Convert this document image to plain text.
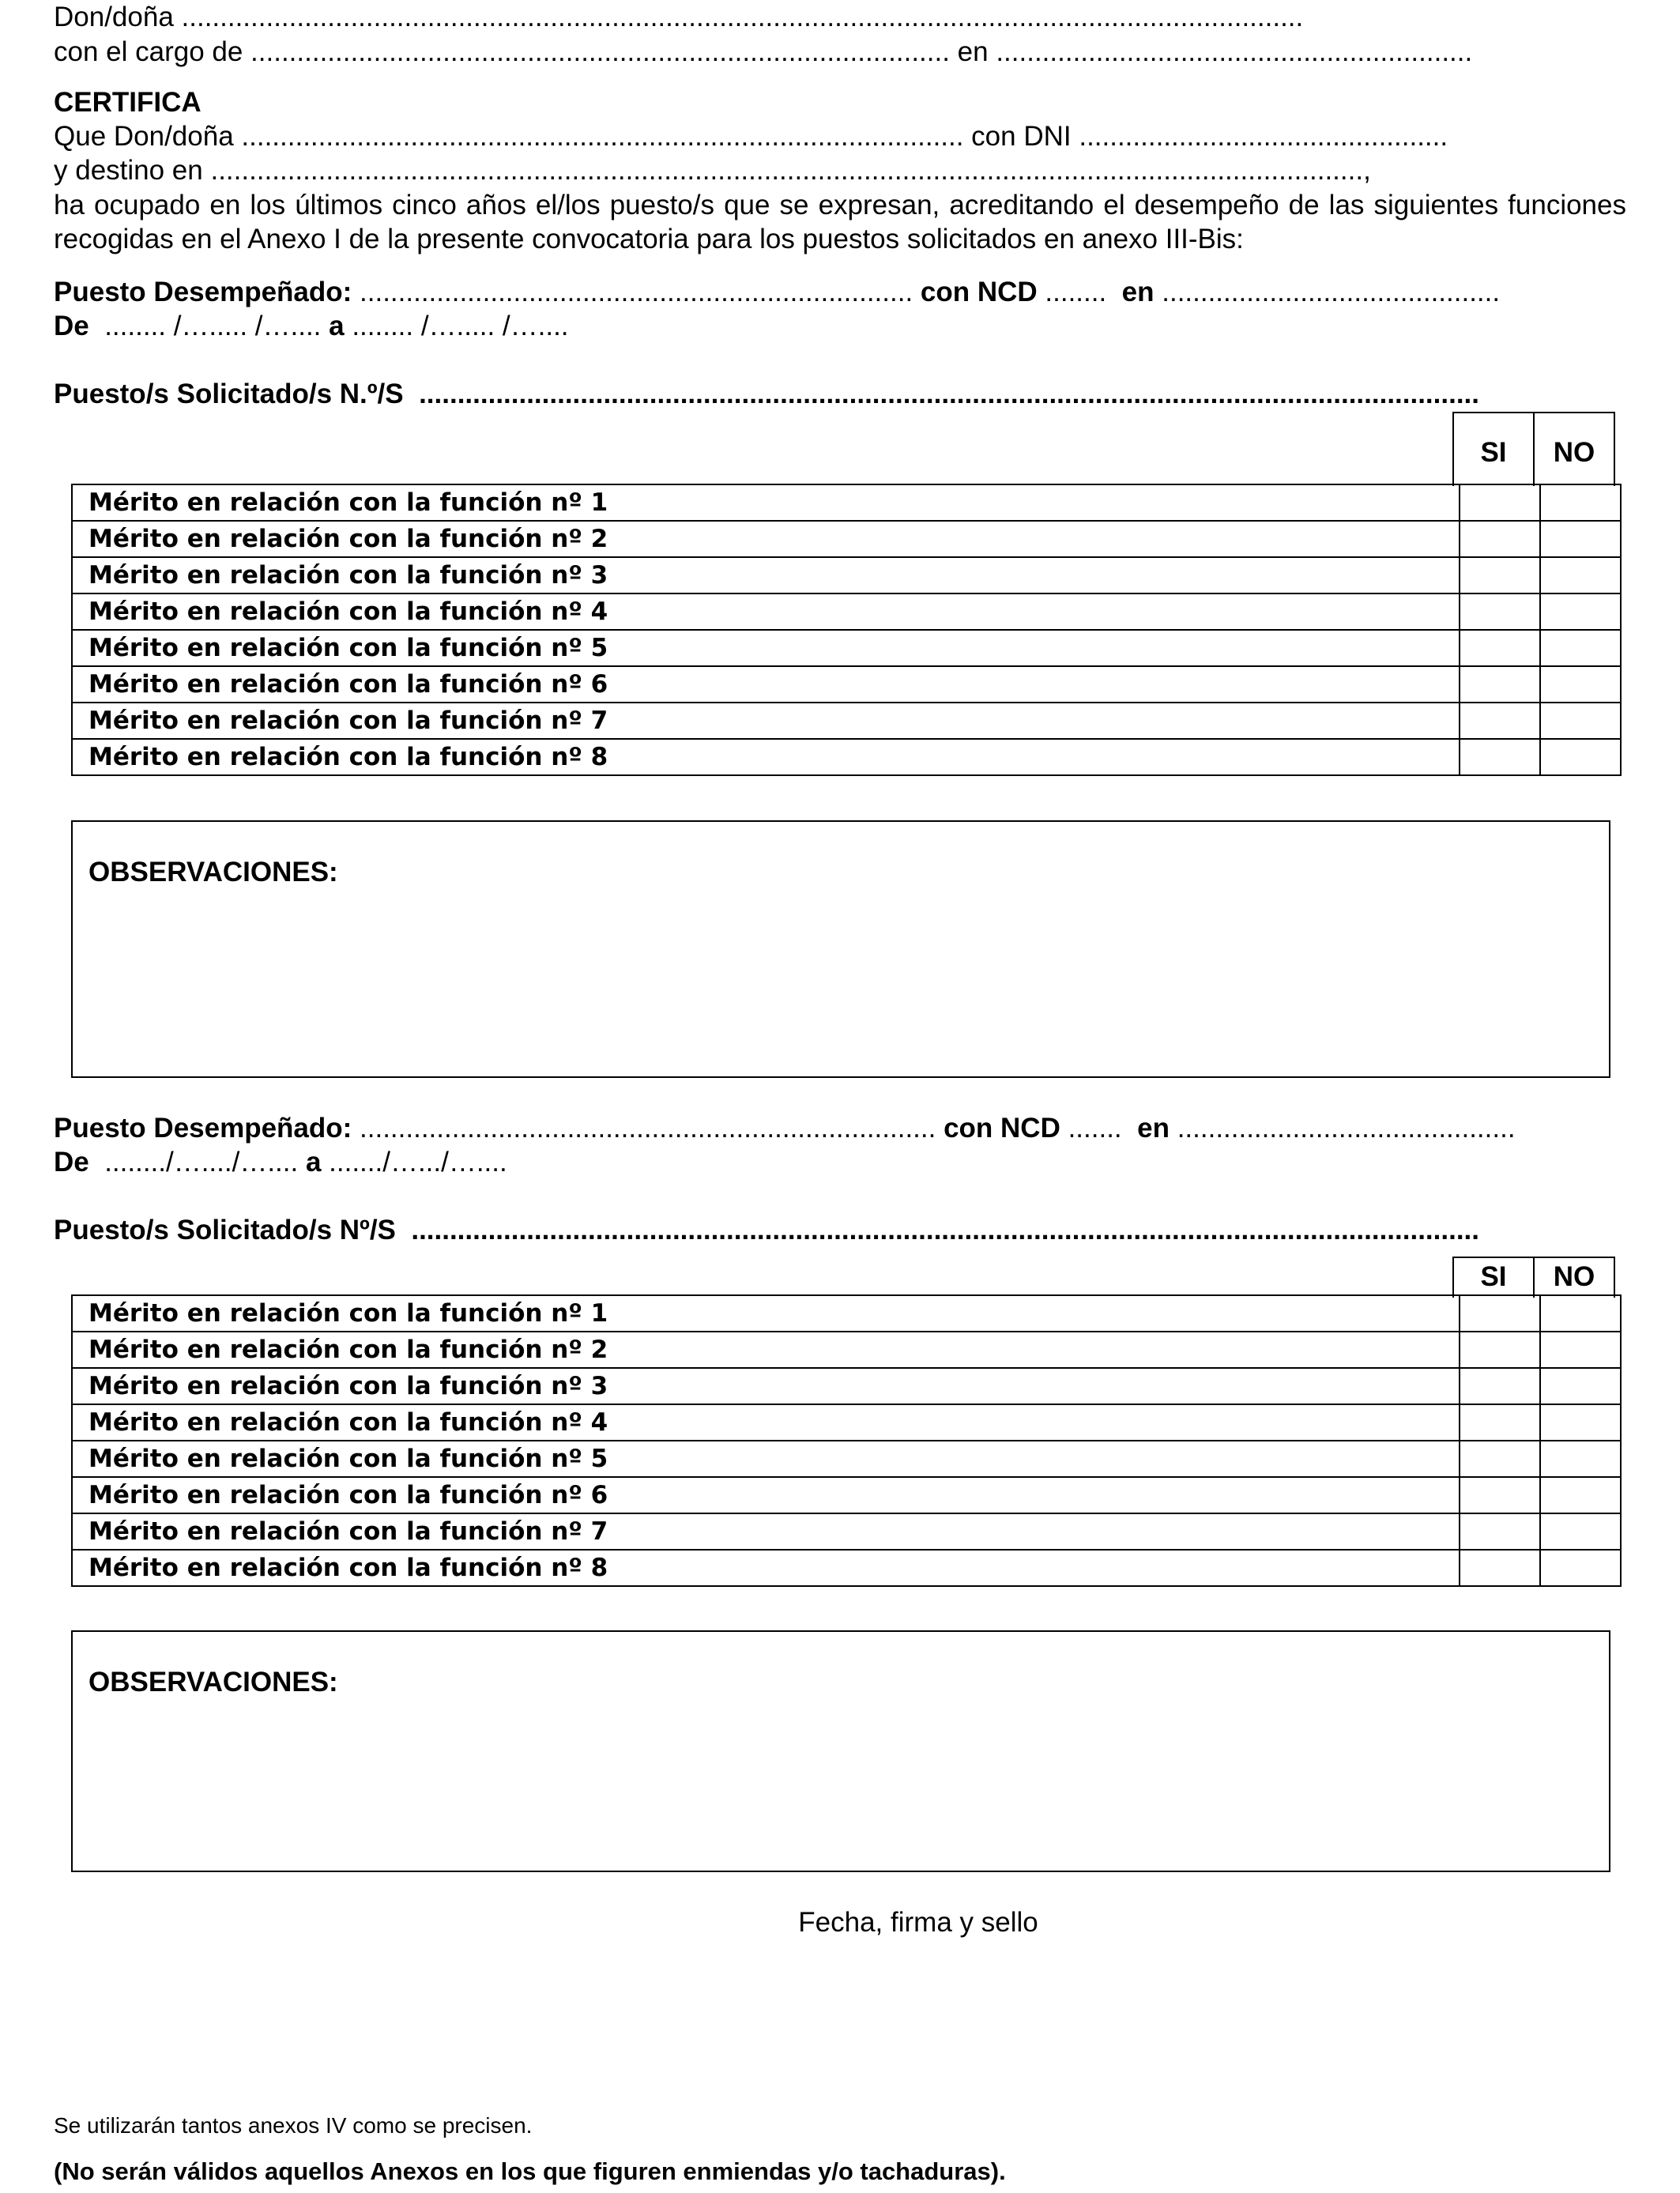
Don/doña ..................................................................................................................................................
con el cargo de ........................................................................................... en ..............................................................
CERTIFICA
Que Don/doña .............................................................................................. con DNI ................................................
y destino en ......................................................................................................................................................,
ha ocupado en los últimos cinco años el/los puesto/s que se expresan, acreditando el desempeño de las siguientes funciones recogidas en el Anexo I de la presente convocatoria para los puestos solicitados en anexo III-Bis:
Puesto Desempeñado: ........................................................................ con NCD ........  en ............................................
De  ........ /…..... /….... a ........ /…..... /…....
Puesto/s Solicitado/s N.º/S  ..........................................................................................................................................
SI	NO
Mérito en relación con la función nº 1		
Mérito en relación con la función nº 2		
Mérito en relación con la función nº 3		
Mérito en relación con la función nº 4		
Mérito en relación con la función nº 5		
Mérito en relación con la función nº 6		
Mérito en relación con la función nº 7		
Mérito en relación con la función nº 8		
OBSERVACIONES:
Puesto Desempeñado: ........................................................................... con NCD .......  en ............................................
De  ......../…..../….... a ......./….../…....
Puesto/s Solicitado/s Nº/S  ...........................................................................................................................................
SI	NO
Mérito en relación con la función nº 1		
Mérito en relación con la función nº 2		
Mérito en relación con la función nº 3		
Mérito en relación con la función nº 4		
Mérito en relación con la función nº 5		
Mérito en relación con la función nº 6		
Mérito en relación con la función nº 7		
Mérito en relación con la función nº 8		
OBSERVACIONES:
Fecha, firma y sello
Se utilizarán tantos anexos IV como se precisen.
(No serán válidos aquellos Anexos en los que figuren enmiendas y/o tachaduras).
